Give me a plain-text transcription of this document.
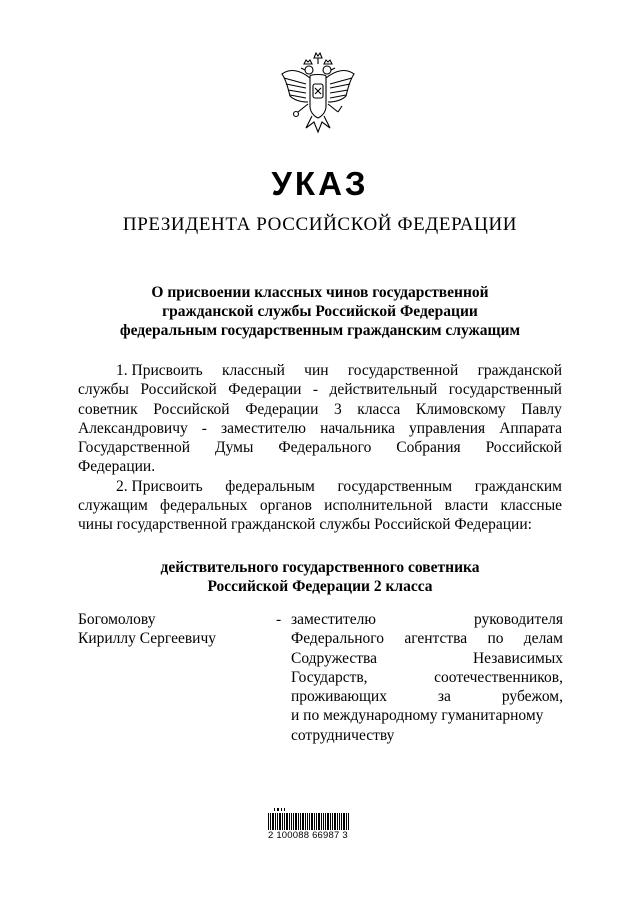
УКАЗ
ПРЕЗИДЕНТА РОССИЙСКОЙ ФЕДЕРАЦИИ
О присвоении классных чинов государственной
гражданской службы Российской Федерации
федеральным государственным гражданским служащим
1. Присвоить классный чин государственной гражданской
службы Российской Федерации - действительный государственный
советник Российской Федерации 3 класса Климовскому Павлу
Александровичу - заместителю начальника управления Аппарата
Государственной Думы Федерального Собрания Российской
Федерации.
2. Присвоить федеральным государственным гражданским
служащим федеральных органов исполнительной власти классные
чины государственной гражданской службы Российской Федерации:
действительного государственного советника
Российской Федерации 2 класса
Богомолову
Кириллу Сергеевичу
- заместителю	руководителя
Федерального агентства по делам
Содружества	Независимых
Государств,	соотечественников,
проживающих	за	рубежом,
и по международному гуманитарному
сотрудничеству
2 100088 66987 3
